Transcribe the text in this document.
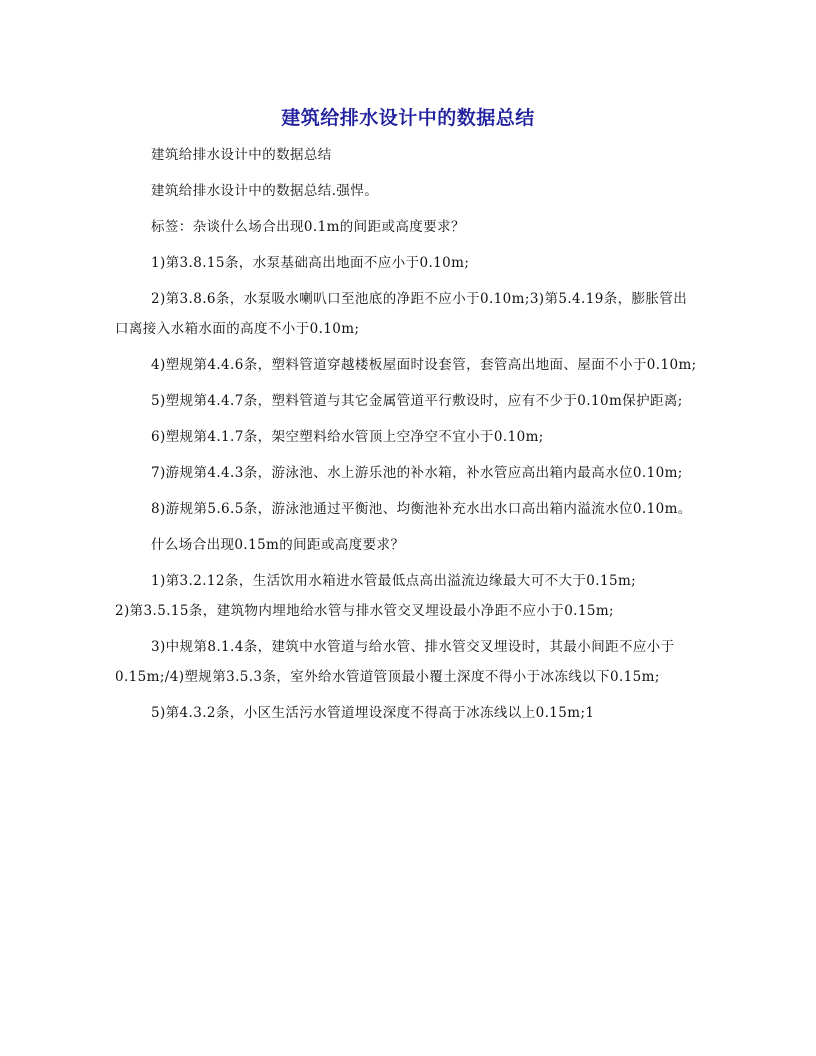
建筑给排水设计中的数据总结

建筑给排水设计中的数据总结

建筑给排水设计中的数据总结.强悍。

标签：杂谈什么场合出现0.1m的间距或高度要求？

1)第3.8.15条，水泵基础高出地面不应小于0.10m;

2)第3.8.6条，水泵吸水喇叭口至池底的净距不应小于0.10m;3)第5.4.19条，膨胀管出口离接入水箱水面的高度不小于0.10m;

4)塑规第4.4.6条，塑料管道穿越楼板屋面时设套管，套管高出地面、屋面不小于0.10m;

5)塑规第4.4.7条，塑料管道与其它金属管道平行敷设时，应有不少于0.10m保护距离;

6)塑规第4.1.7条，架空塑料给水管顶上空净空不宜小于0.10m;

7)游规第4.4.3条，游泳池、水上游乐池的补水箱，补水管应高出箱内最高水位0.10m;

8)游规第5.6.5条，游泳池通过平衡池、均衡池补充水出水口高出箱内溢流水位0.10m。

什么场合出现0.15m的间距或高度要求？

1)第3.2.12条，生活饮用水箱进水管最低点高出溢流边缘最大可不大于0.15m;

2)第3.5.15条，建筑物内埋地给水管与排水管交叉埋设最小净距不应小于0.15m;

3)中规第8.1.4条，建筑中水管道与给水管、排水管交叉埋设时，其最小间距不应小于0.15m;/4)塑规第3.5.3条，室外给水管道管顶最小覆土深度不得小于冰冻线以下0.15m;

5)第4.3.2条，小区生活污水管道埋设深度不得高于冰冻线以上0.15m;1
